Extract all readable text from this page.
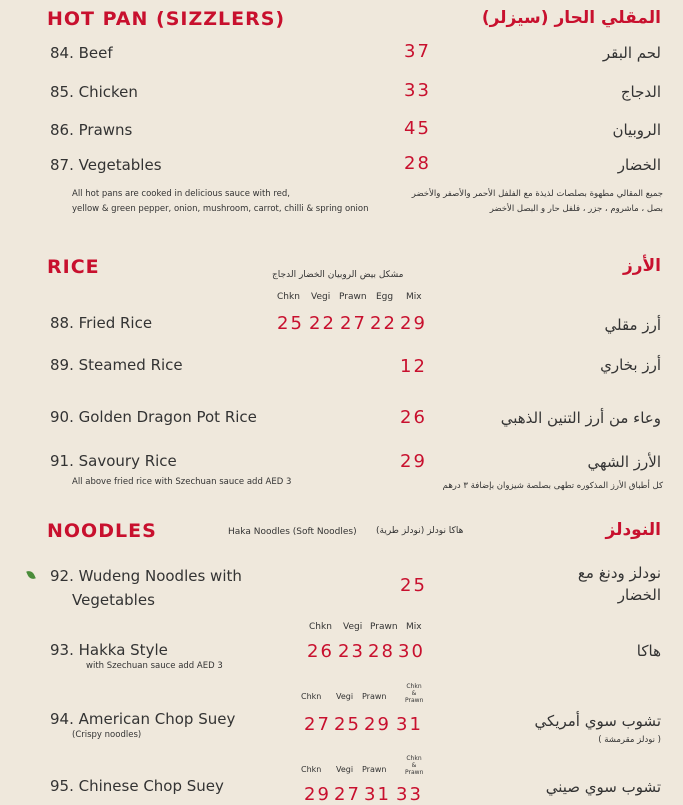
HOT PAN (SIZZLERS)	المقلي الحار (سيزلر)
84. Beef	37	لحم البقر
85. Chicken	33	الدجاج
86. Prawns	45	الروبيان
87. Vegetables	28	الخضار
All hot pans are cooked in delicious sauce with red,
yellow & green pepper, onion, mushroom, carrot, chilli & spring onion
جميع المقالي مطهوة بصلصات لذيذة مع الفلفل الأحمر والأصفر والأخضر
بصل ، ماشروم ، جزر ، فلفل حار و البصل الأخضر
RICE	الأرز
مشكل بيض الروبيان الخضار الدجاج
Chkn Vegi Prawn Egg Mix
88. Fried Rice	25 22 27 22 29	أرز مقلي
89. Steamed Rice	12	أرز بخاري
90. Golden Dragon Pot Rice	26	وعاء من أرز التنين الذهبي
91. Savoury Rice	29	الأرز الشهي
All above fried rice with Szechuan sauce add AED 3	كل أطباق الأرز المذكوره تطهى بصلصة شيزوان بإضافة ٣ درهم
NOODLES	النودلز
Haka Noodles (Soft Noodles) هاكا نودلز (نودلز طرية)
92. Wudeng Noodles with
Vegetables
25
نودلز ودنغ مع
الخضار
Chkn Vegi Prawn Mix
93. Hakka Style
with Szechuan sauce add AED 3
26 23 28 30	هاكا
Chkn Vegi Prawn
Chkn & Prawn
94. American Chop Suey
(Crispy noodles)	27 25 29 31	تشوب سوي أمريكي
( نودلز مقرمشة )
Chkn Vegi Prawn
Chkn & Prawn
95. Chinese Chop Suey	29 27 31 33	تشوب سوي صيني
